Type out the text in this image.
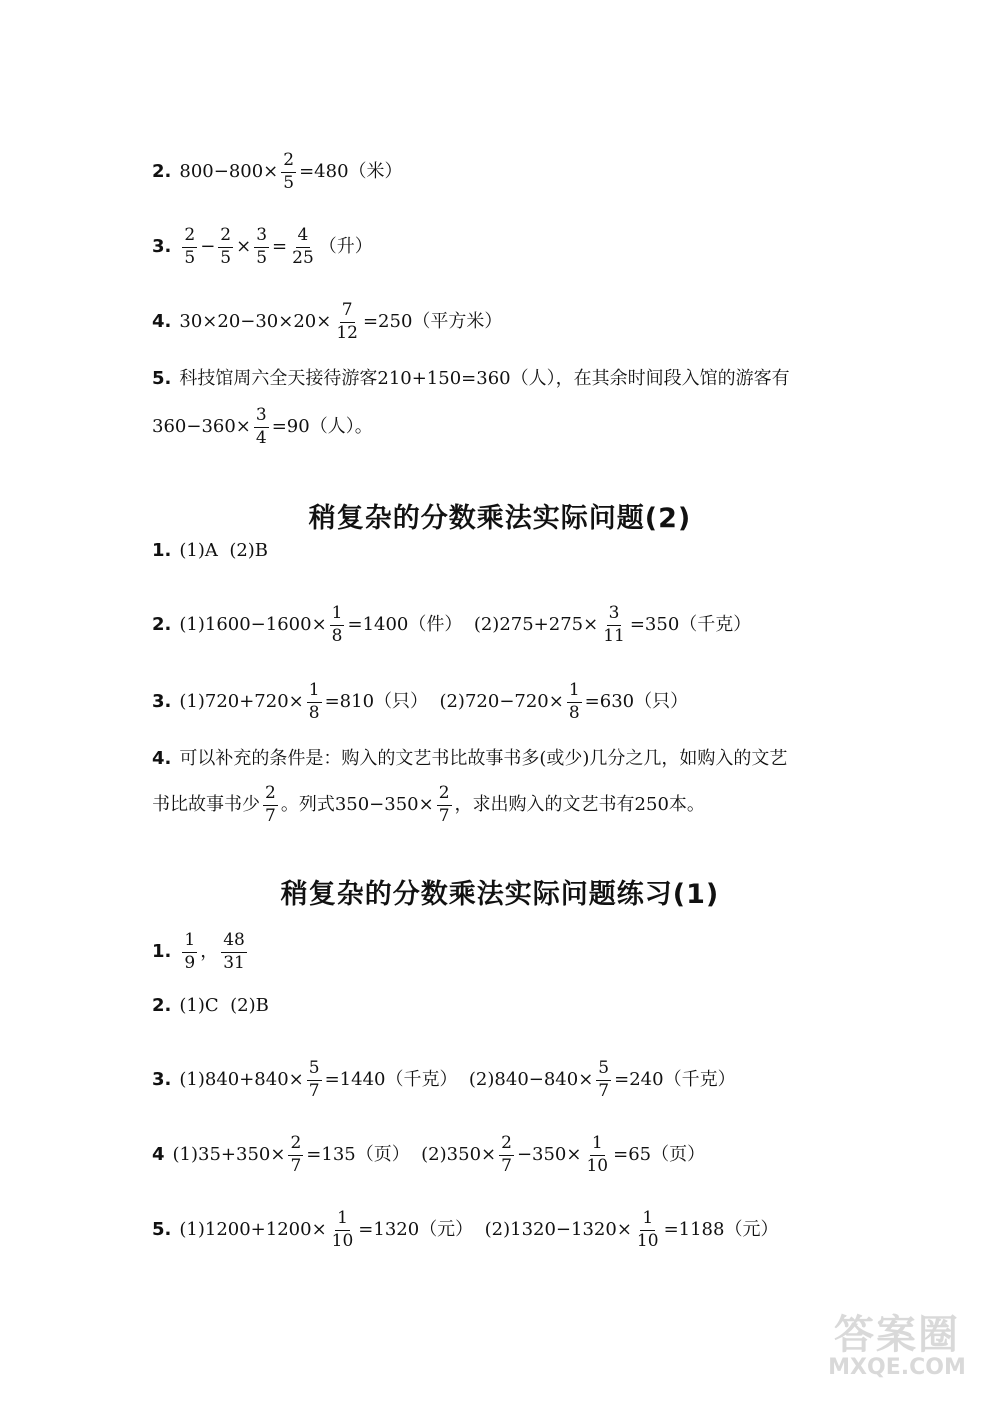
2. $800-800\times \frac{2}{5} =480$（米）
3. $\frac{2}{5} - \frac{2}{5} \times \frac{3}{5} = \frac{4}{25}$ （升）
4. $30\times 20-30\times 20\times \frac{7}{12} =250$（平方米）
5. 科技馆周六全天接待游客210+150=360（人），在其余时间段入馆的游客有
$360-360\times \frac{3}{4} =90$（人）。
稍复杂的分数乘法实际问题(2)
1. (1)A  (2)B
2. $(1)1600-1600\times \frac{1}{8} =1400$（件）  $(2)275+275\times \frac{3}{11} =350$（千克）
3. $(1)720+720\times \frac{1}{8} =810$（只）  $(2)720-720\times \frac{1}{8} =630$（只）
4. 可以补充的条件是：购入的文艺书比故事书多(或少)几分之几，如购入的文艺
书比故事书少 $\frac{2}{7}$ 。列式$350-350\times \frac{2}{7}$ ，求出购入的文艺书有250本。
稍复杂的分数乘法实际问题练习(1)
1. $\frac{1}{9}$ ， $\frac{48}{31}$
2. (1)C  (2)B
3. $(1)840+840\times \frac{5}{7} =1440$（千克）  $(2)840-840\times \frac{5}{7} =240$（千克）
4 $(1)35+350\times \frac{2}{7} =135$（页）  $(2)350\times \frac{2}{7} -350\times \frac{1}{10} =65$（页）
5. $(1)1200+1200\times \frac{1}{10} =1320$（元）  $(2)1320-1320\times \frac{1}{10} =1188$（元）
答案圈
MXQE.COM
